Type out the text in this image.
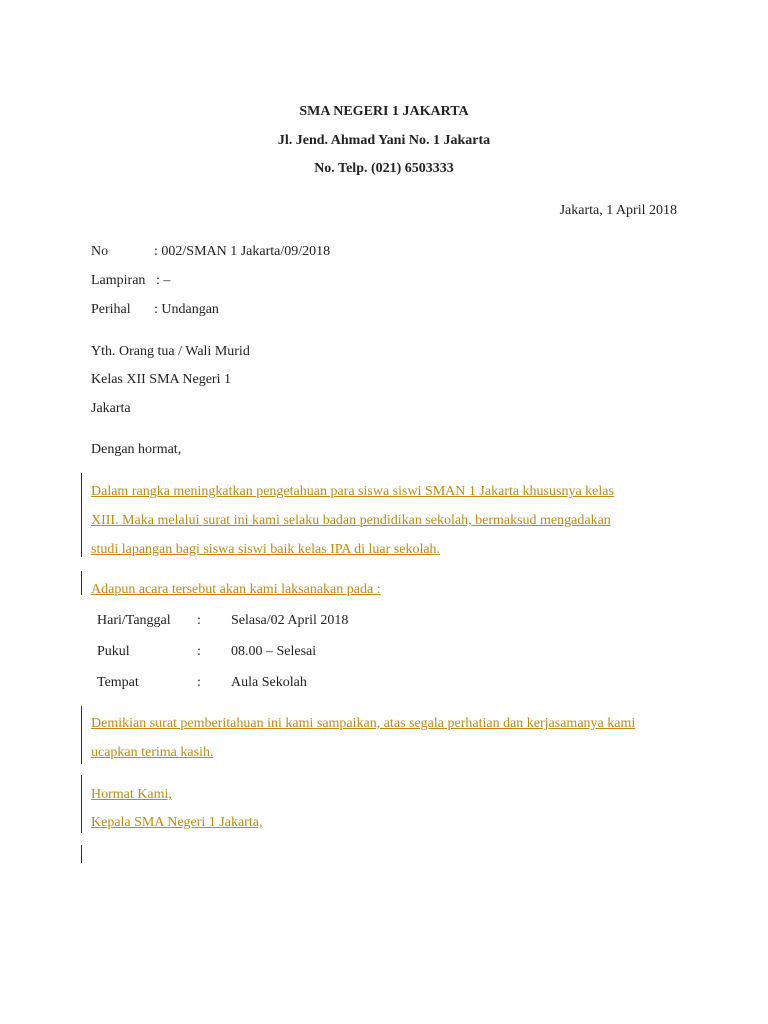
SMA NEGERI 1 JAKARTA
Jl. Jend. Ahmad Yani No. 1 Jakarta
No. Telp. (021) 6503333
Jakarta, 1 April 2018
No	: 002/SMAN 1 Jakarta/09/2018
Lampiran : –
Perihal : Undangan
Yth. Orang tua / Wali Murid
Kelas XII SMA Negeri 1
Jakarta
Dengan hormat,
Dalam rangka meningkatkan pengetahuan para siswa siswi SMAN 1 Jakarta khususnya kelas
XIII. Maka melalui surat ini kami selaku badan pendidikan sekolah, bermaksud mengadakan
studi lapangan bagi siswa siswi baik kelas IPA di luar sekolah.
Adapun acara tersebut akan kami laksanakan pada :
Hari/Tanggal : Selasa/02 April 2018
Pukul	: 08.00 – Selesai
Tempat	: Aula Sekolah
Demikian surat pemberitahuan ini kami sampaikan, atas segala perhatian dan kerjasamanya kami
ucapkan terima kasih.
Hormat Kami,
Kepala SMA Negeri 1 Jakarta,
